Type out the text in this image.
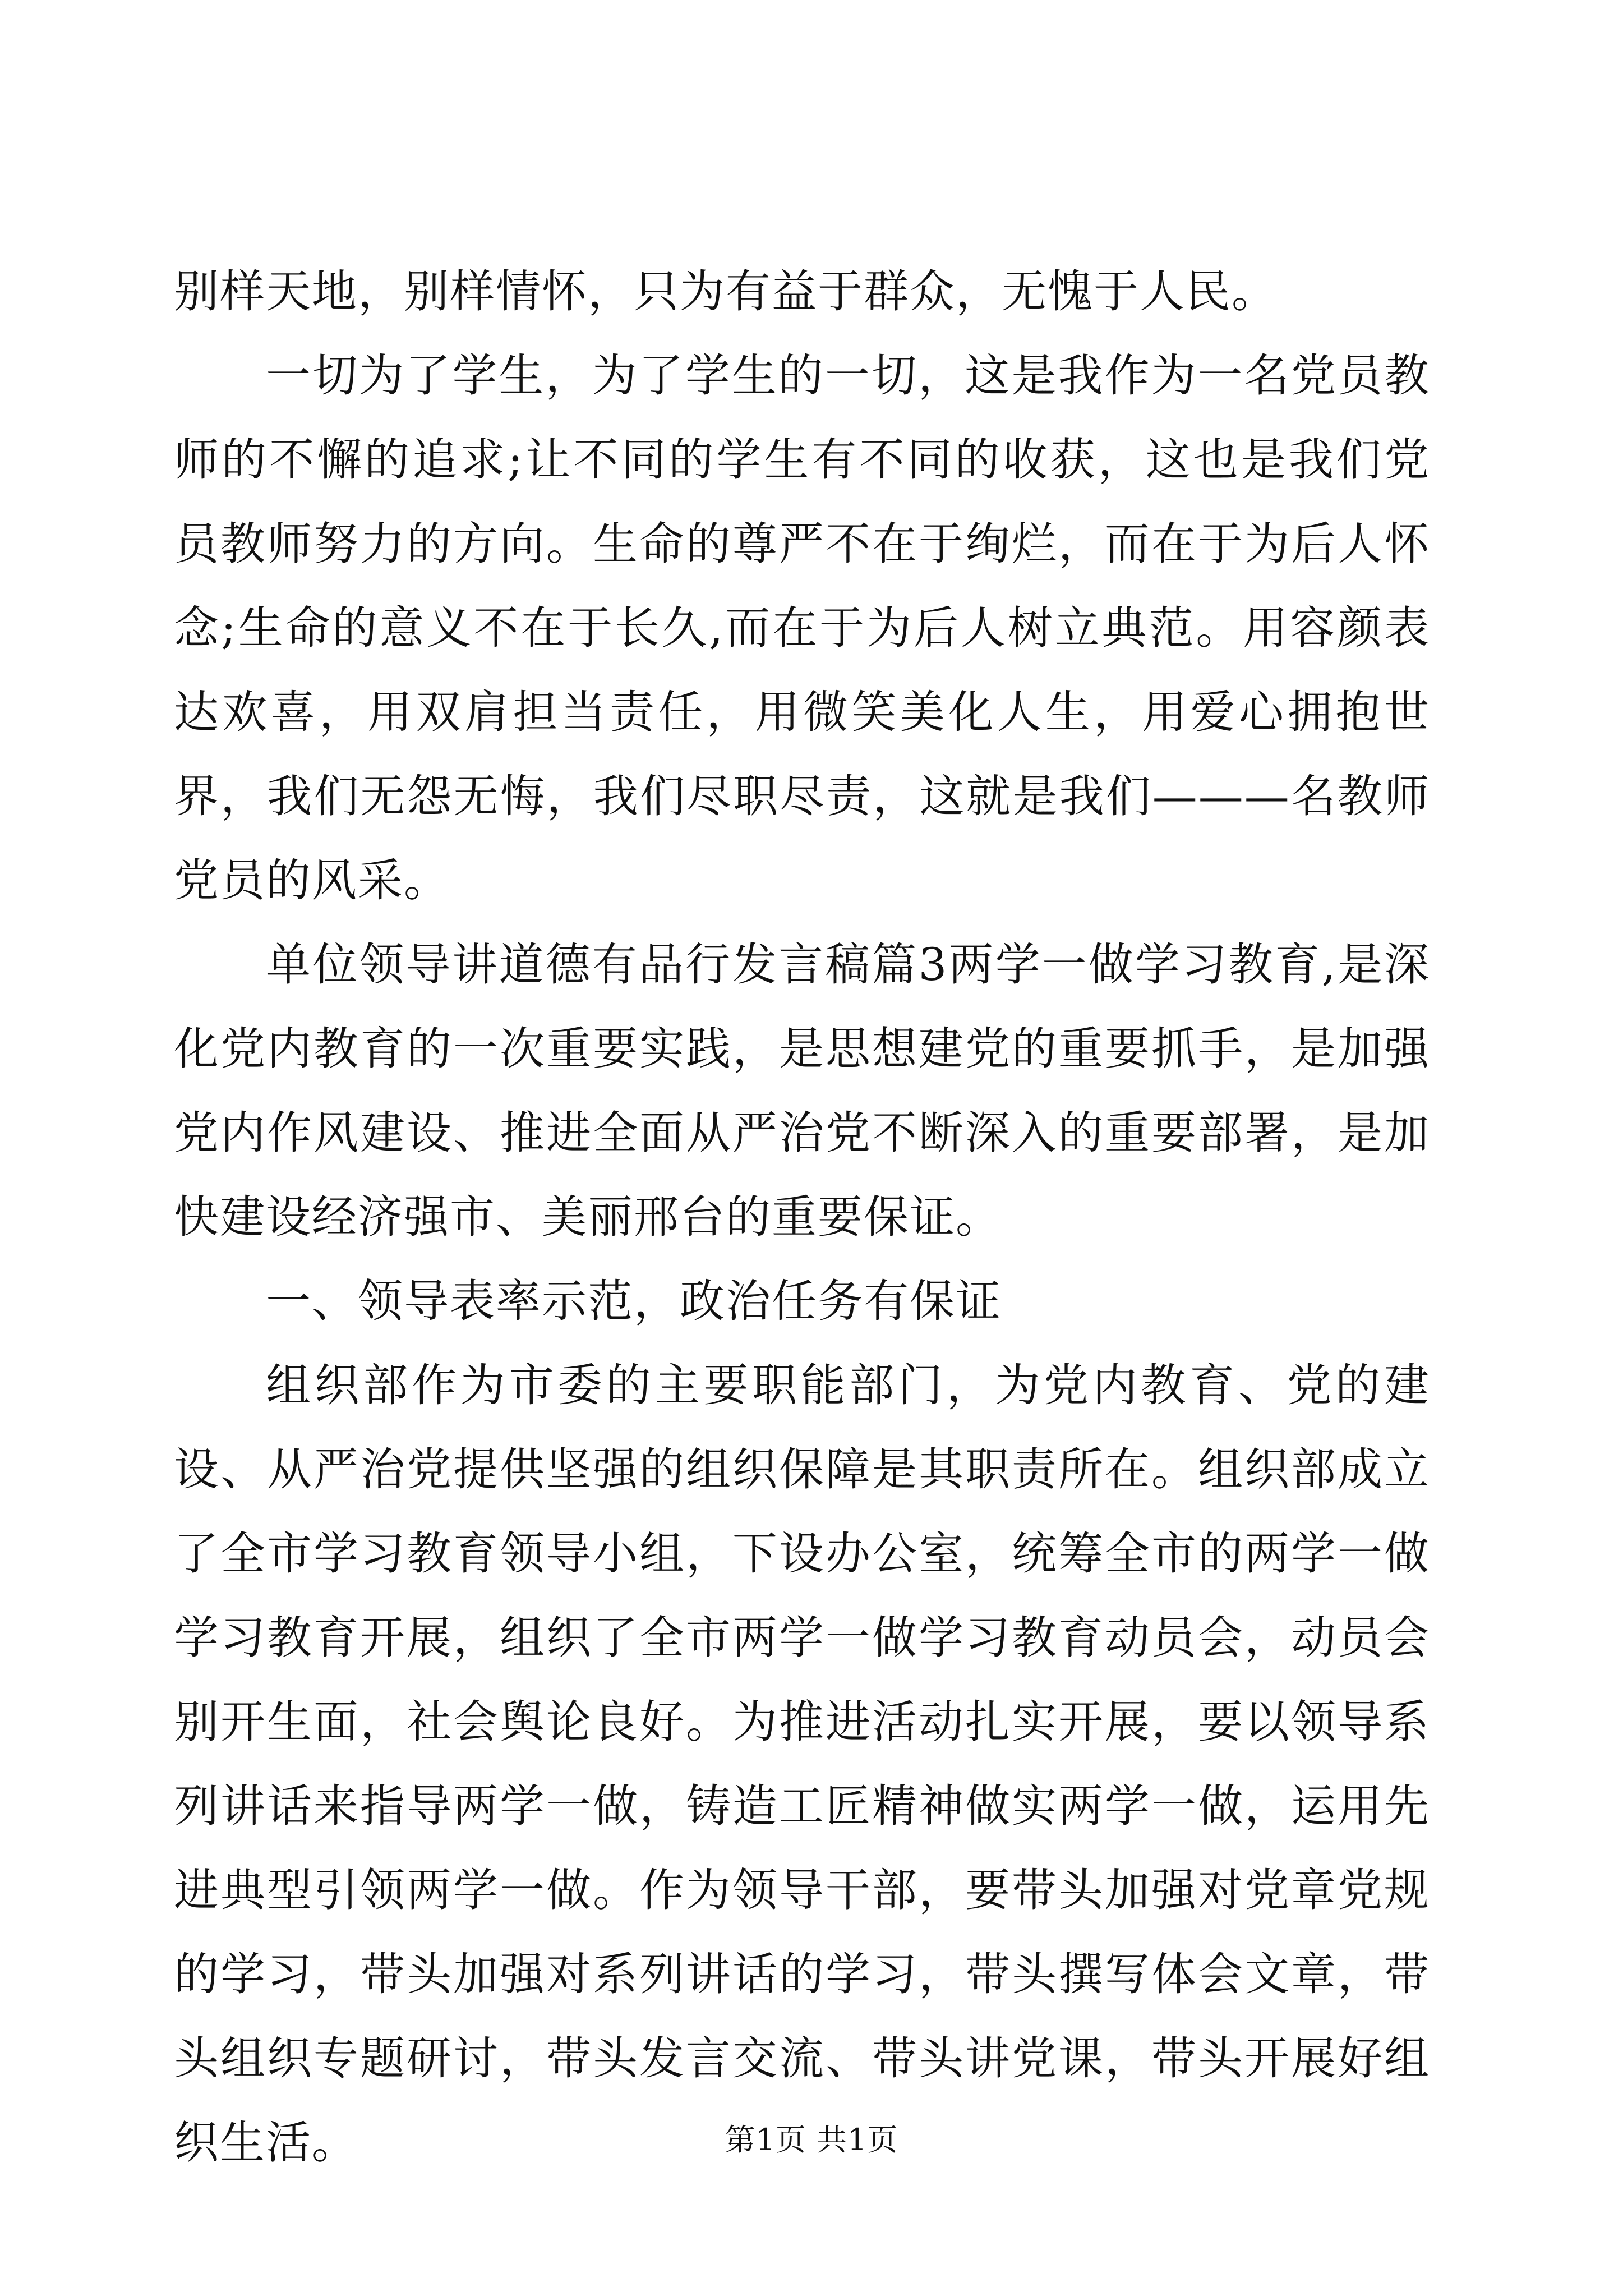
别样天地，别样情怀，只为有益于群众，无愧于人民。

一切为了学生，为了学生的一切，这是我作为一名党员教师的不懈的追求;让不同的学生有不同的收获，这也是我们党员教师努力的方向。生命的尊严不在于绚烂，而在于为后人怀念;生命的意义不在于长久,而在于为后人树立典范。用容颜表达欢喜，用双肩担当责任，用微笑美化人生，用爱心拥抱世界，我们无怨无悔，我们尽职尽责，这就是我们———名教师党员的风采。

单位领导讲道德有品行发言稿篇3两学一做学习教育,是深化党内教育的一次重要实践，是思想建党的重要抓手，是加强党内作风建设、推进全面从严治党不断深入的重要部署，是加快建设经济强市、美丽邢台的重要保证。

一、领导表率示范，政治任务有保证

组织部作为市委的主要职能部门，为党内教育、党的建设、从严治党提供坚强的组织保障是其职责所在。组织部成立了全市学习教育领导小组，下设办公室，统筹全市的两学一做学习教育开展，组织了全市两学一做学习教育动员会，动员会别开生面，社会舆论良好。为推进活动扎实开展，要以领导系列讲话来指导两学一做，铸造工匠精神做实两学一做，运用先进典型引领两学一做。作为领导干部，要带头加强对党章党规的学习，带头加强对系列讲话的学习，带头撰写体会文章，带头组织专题研讨，带头发言交流、带头讲党课，带头开展好组织生活。	第1页 共1页
